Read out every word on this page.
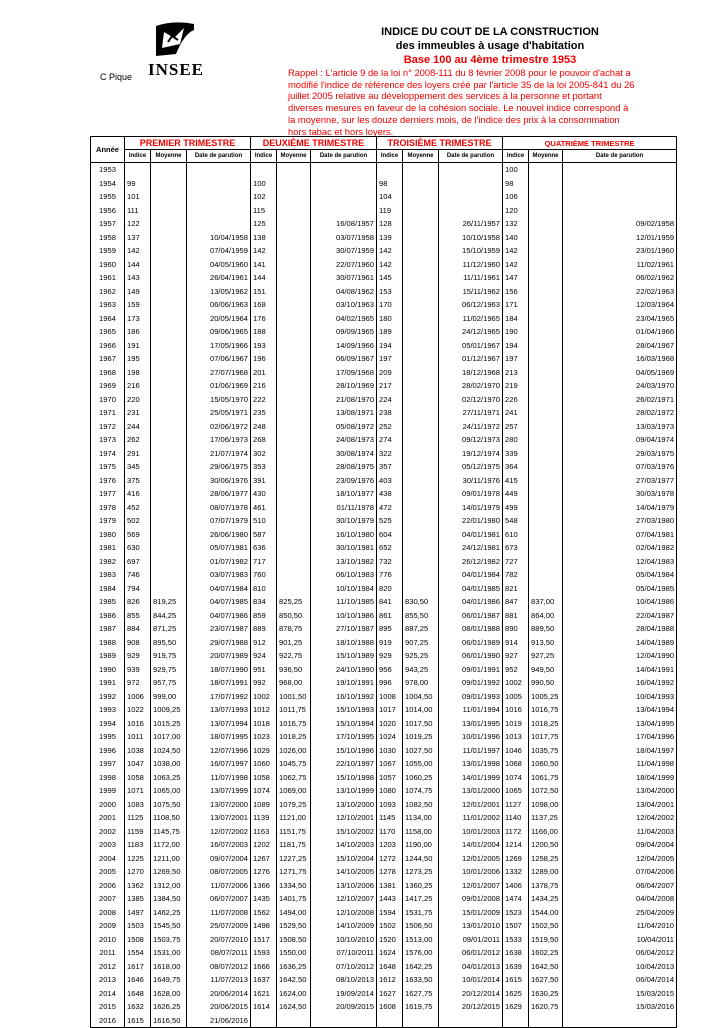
INSEE
C Pique
INDICE DU COUT DE LA CONSTRUCTION
des immeubles à usage d'habitation
Base 100 au 4ème trimestre 1953
Rappel : L'article 9 de la loi n° 2008-111 du 8 février 2008 pour le pouvoir d'achat a modifié l'indice de référence des loyers créé par l'article 35 de la loi 2005-841 du 26 juillet 2005 relative au développement des services à la personne et portant diverses mesures en faveur de la cohésion sociale. Le nouvel indice correspond à la moyenne, sur les douze derniers mois, de l'indice des prix à la consommation hors tabac et hors loyers.
Année	PREMIER TRIMESTRE			DEUXIÈME TRIMESTRE			TROISIÈME TRIMESTRE			QUATRIÈME TRIMESTRE		
	Indice	Moyenne	Date de parution	Indice	Moyenne	Date de parution	Indice	Moyenne	Date de parution	Indice	Moyenne	Date de parution
1953										100		
1954	99			100			98			98		
1955	101			102			104			106		
1956	111			115			119			120		
1957	122			125		16/08/1957	128		26/11/1957	132		09/02/1958
1958	137		10/04/1958	138		03/07/1958	139		10/10/1958	140		12/01/1959
1959	142		07/04/1959	142		30/07/1959	142		15/10/1959	142		23/01/1960
1960	144		04/05/1960	141		22/07/1960	142		11/12/1960	142		11/02/1961
1961	143		26/04/1961	144		30/07/1961	145		11/11/1961	147		06/02/1962
1962	149		13/05/1962	151		04/08/1962	153		15/11/1962	156		22/02/1963
1963	159		06/06/1963	168		03/10/1963	170		06/12/1963	171		12/03/1964
1964	173		20/05/1964	176		04/02/1965	180		11/02/1965	184		23/04/1965
1965	186		09/06/1965	188		09/09/1965	189		24/12/1965	190		01/04/1966
1966	191		17/05/1966	193		14/09/1966	194		05/01/1967	194		28/04/1967
1967	195		07/06/1967	196		06/09/1967	197		01/12/1967	197		16/03/1968
1968	198		27/07/1968	201		17/09/1968	209		18/12/1968	213		04/05/1969
1969	216		01/06/1969	216		28/10/1969	217		28/02/1970	219		24/03/1970
1970	220		15/05/1970	222		21/08/1970	224		02/12/1970	226		26/02/1971
1971	231		25/05/1971	235		13/08/1971	238		27/11/1971	241		28/02/1972
1972	244		02/06/1972	248		05/08/1972	252		24/11/1972	257		13/03/1973
1973	262		17/06/1973	268		24/08/1973	274		09/12/1973	280		09/04/1974
1974	291		21/07/1974	302		30/08/1974	322		19/12/1974	339		29/03/1975
1975	345		29/06/1975	353		28/08/1975	357		05/12/1975	364		07/03/1976
1976	375		30/06/1976	391		23/09/1976	403		30/11/1976	415		27/03/1977
1977	416		28/06/1977	430		18/10/1977	438		09/01/1978	449		30/03/1978
1978	452		08/07/1978	461		01/11/1978	472		14/01/1979	499		14/04/1979
1979	502		07/07/1979	510		30/10/1979	525		22/01/1980	548		27/03/1980
1980	569		26/06/1980	587		16/10/1980	604		04/01/1981	610		07/04/1981
1981	630		05/07/1981	636		30/10/1981	652		24/12/1981	673		02/04/1982
1982	697		01/07/1982	717		13/10/1982	732		26/12/1982	727		12/04/1983
1983	746		03/07/1983	760		06/10/1983	776		04/01/1984	782		05/04/1984
1984	794		04/07/1984	810		10/10/1984	820		04/01/1985	821		05/04/1985
1985	826	819,25	04/07/1985	834	825,25	11/10/1985	841	830,50	04/01/1986	847	837,00	10/04/1986
1986	855	844,25	04/07/1986	859	850,50	10/10/1986	861	855,50	06/01/1987	881	864,00	22/04/1987
1987	884	871,25	23/07/1987	889	878,75	27/10/1987	895	887,25	08/01/1988	890	889,50	28/04/1988
1988	908	895,50	29/07/1988	912	901,25	18/10/1988	919	907,25	06/01/1989	914	913,50	14/04/1989
1989	929	919,75	20/07/1989	924	922,75	15/10/1989	929	925,25	06/01/1990	927	927,25	12/04/1990
1990	939	929,75	18/07/1990	951	936,50	24/10/1990	956	943,25	09/01/1991	952	949,50	14/04/1991
1991	972	957,75	18/07/1991	992	968,00	19/10/1991	996	978,00	09/01/1992	1002	990,50	16/04/1992
1992	1006	999,00	17/07/1992	1002	1001,50	16/10/1992	1008	1004,50	09/01/1993	1005	1005,25	10/04/1993
1993	1022	1009,25	13/07/1993	1012	1011,75	15/10/1993	1017	1014,00	11/01/1994	1016	1016,75	13/04/1994
1994	1016	1015,25	13/07/1994	1018	1016,75	15/10/1994	1020	1017,50	13/01/1995	1019	1018,25	13/04/1995
1995	1011	1017,00	18/07/1995	1023	1018,25	17/10/1995	1024	1019,25	10/01/1996	1013	1017,75	17/04/1996
1996	1038	1024,50	12/07/1996	1029	1026,00	15/10/1996	1030	1027,50	11/01/1997	1046	1035,75	18/04/1997
1997	1047	1038,00	16/07/1997	1060	1045,75	22/10/1997	1067	1055,00	13/01/1998	1068	1060,50	11/04/1998
1998	1058	1063,25	11/07/1998	1058	1062,75	15/10/1998	1057	1060,25	14/01/1999	1074	1061,75	18/04/1999
1999	1071	1065,00	13/07/1999	1074	1069,00	13/10/1999	1080	1074,75	13/01/2000	1065	1072,50	13/04/2000
2000	1083	1075,50	13/07/2000	1089	1079,25	13/10/2000	1093	1082,50	12/01/2001	1127	1098,00	13/04/2001
2001	1125	1108,50	13/07/2001	1139	1121,00	12/10/2001	1145	1134,00	11/01/2002	1140	1137,25	12/04/2002
2002	1159	1145,75	12/07/2002	1163	1151,75	15/10/2002	1170	1158,00	10/01/2003	1172	1166,00	11/04/2003
2003	1183	1172,00	16/07/2003	1202	1181,75	14/10/2003	1203	1190,00	14/01/2004	1214	1200,50	09/04/2004
2004	1225	1211,00	09/07/2004	1267	1227,25	15/10/2004	1272	1244,50	12/01/2005	1269	1258,25	12/04/2005
2005	1270	1269,50	08/07/2005	1276	1271,75	14/10/2005	1278	1273,25	10/01/2006	1332	1289,00	07/04/2006
2006	1362	1312,00	11/07/2006	1366	1334,50	13/10/2006	1381	1360,25	12/01/2007	1406	1378,75	06/04/2007
2007	1385	1384,50	06/07/2007	1435	1401,75	12/10/2007	1443	1417,25	09/01/2008	1474	1434,25	04/04/2008
2008	1497	1462,25	11/07/2008	1562	1494,00	12/10/2008	1594	1531,75	15/01/2009	1523	1544,00	25/04/2009
2009	1503	1545,50	25/07/2009	1498	1529,50	14/10/2009	1502	1506,50	13/01/2010	1507	1502,50	11/04/2010
2010	1508	1503,75	20/07/2010	1517	1508,50	10/10/2010	1520	1513,00	09/01/2011	1533	1519,50	10/04/2011
2011	1554	1531,00	08/07/2011	1593	1550,00	07/10/2011	1624	1576,00	06/01/2012	1638	1602,25	06/04/2012
2012	1617	1618,00	08/07/2012	1666	1636,25	07/10/2012	1648	1642,25	04/01/2013	1639	1642,50	10/04/2013
2013	1646	1649,75	11/07/2013	1637	1642,50	08/10/2013	1612	1633,50	10/01/2014	1615	1627,50	06/04/2014
2014	1648	1628,00	20/06/2014	1621	1624,00	19/09/2014	1627	1627,75	20/12/2014	1625	1630,25	15/03/2015
2015	1632	1626,25	20/06/2015	1614	1624,50	20/09/2015	1608	1619,75	20/12/2015	1629	1620,75	15/03/2016
2016	1615	1616,50	21/06/2016									
